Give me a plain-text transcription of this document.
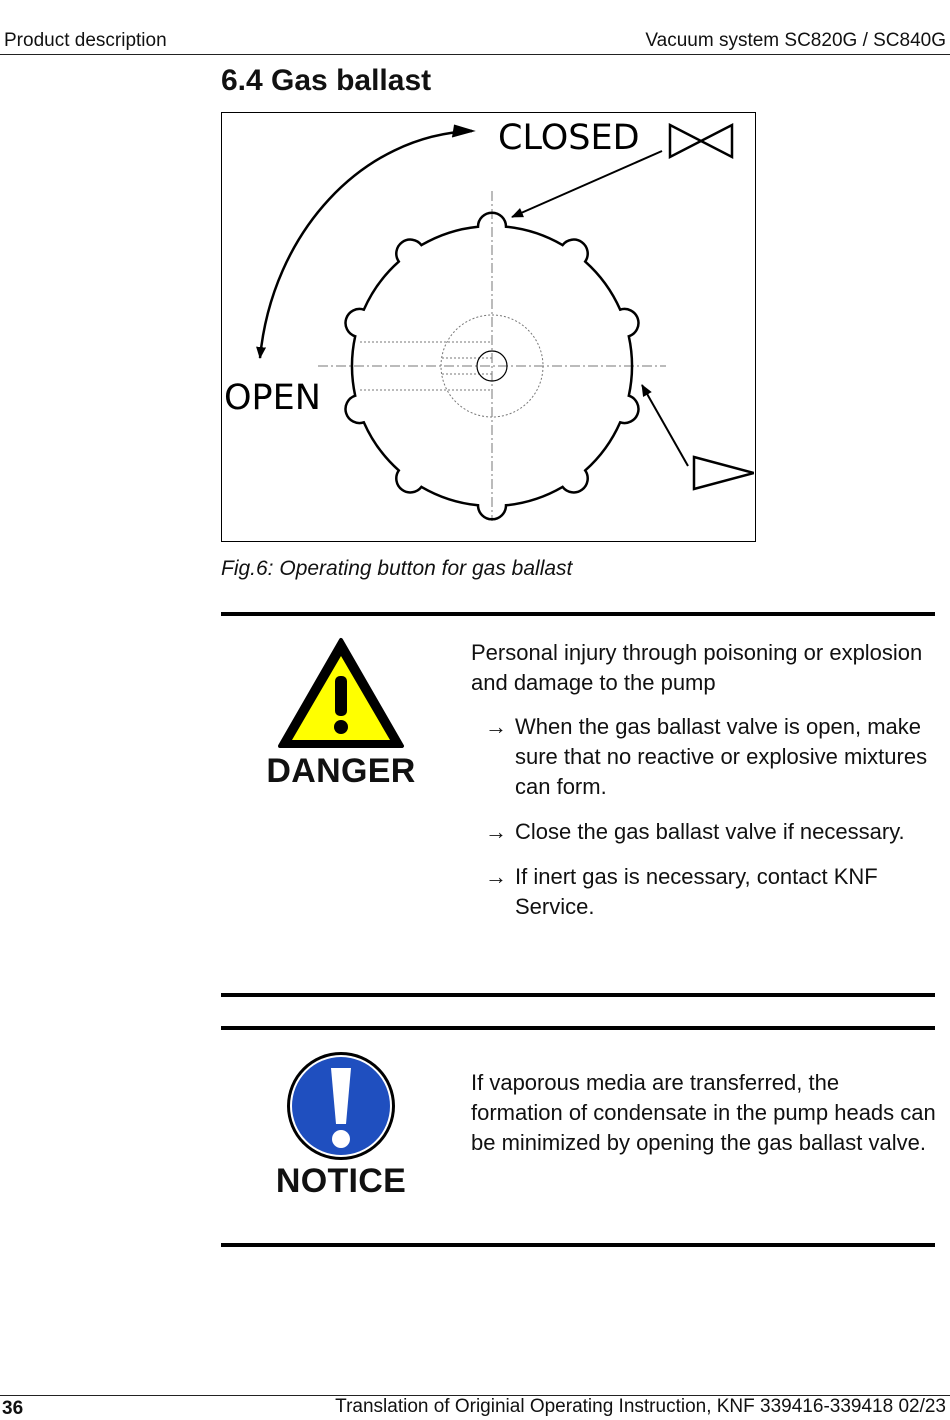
Product description	Vacuum system SC820G / SC840G
6.4 Gas ballast
CLOSED
OPEN
Fig.6: Operating button for gas ballast
DANGER

Personal injury through poisoning or explosion and damage to the pump

→ When the gas ballast valve is open, make sure that no reactive or explosive mixtures can form.
→ Close the gas ballast valve if necessary.
→ If inert gas is necessary, contact KNF Service.
NOTICE

If vaporous media are transferred, the formation of condensate in the pump heads can be minimized by opening the gas ballast valve.

36	Translation of Originial Operating Instruction, KNF 339416-339418 02/23
